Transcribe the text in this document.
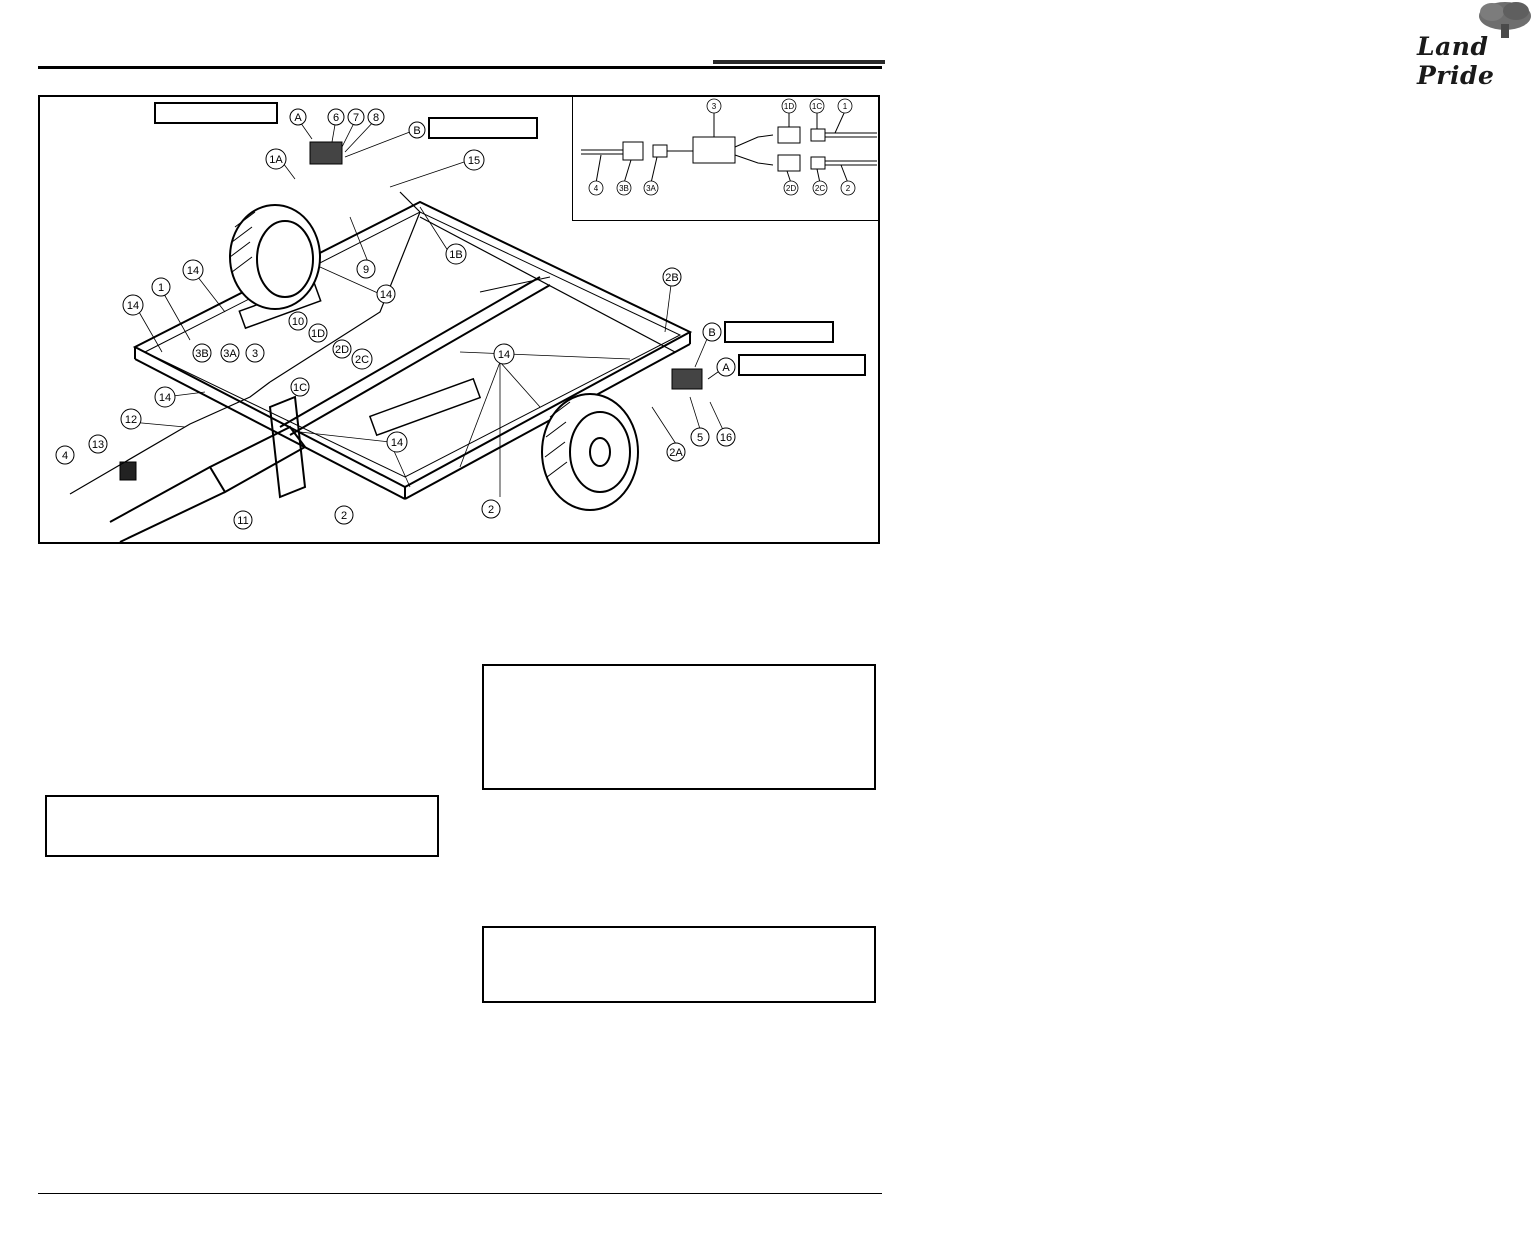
Land Pride
A	6 7 8
B
1A	15
9
1B
14
14
1
14
10
1D
2D
3B 3A 3	2C
1C
14
12
13
4
11	2
14
14
2
2B
B
A
2A
5 16
3	1D 1C	1
4	3B 3A	2D 2C	2
